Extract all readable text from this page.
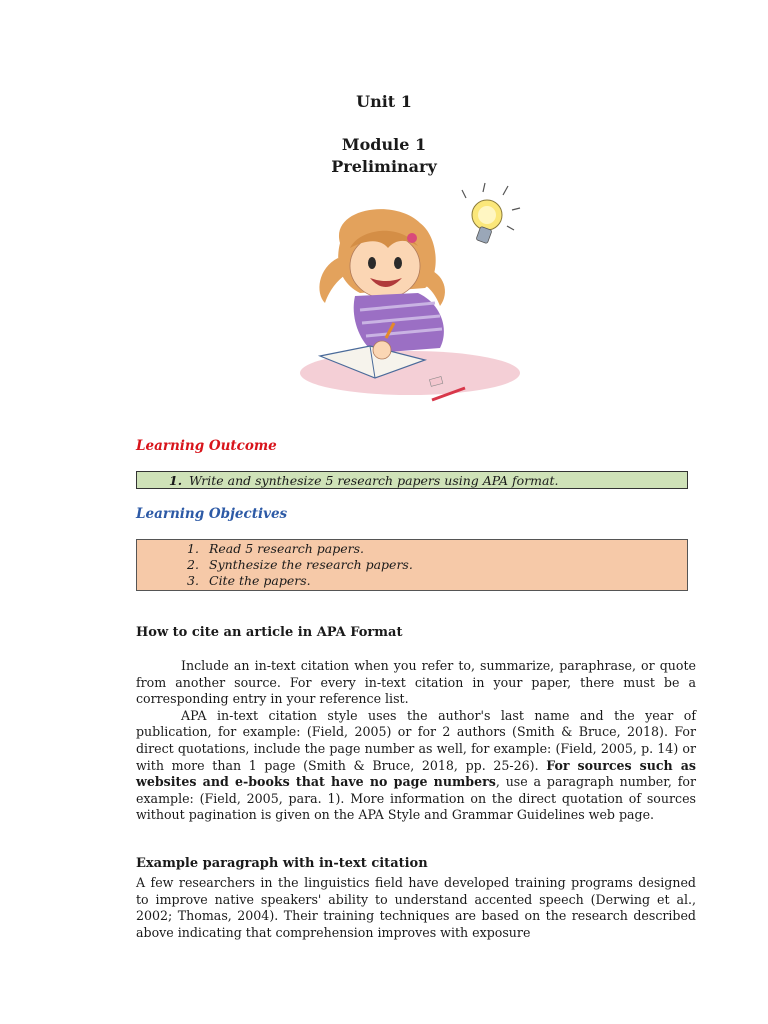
Unit 1
Module 1
Preliminary
Learning Outcome
1. Write and synthesize 5 research papers using APA format.
Learning Objectives
1. Read 5 research papers.
2. Synthesize the research papers.
3. Cite the papers.
How to cite an article in APA Format

Include an in-text citation when you refer to, summarize, paraphrase, or quote from another source. For every in-text citation in your paper, there must be a corresponding entry in your reference list.

APA in-text citation style uses the author's last name and the year of publication, for example: (Field, 2005) or for 2 authors (Smith & Bruce, 2018). For direct quotations, include the page number as well, for example: (Field, 2005, p. 14) or with more than 1 page (Smith & Bruce, 2018, pp. 25-26). For sources such as websites and e-books that have no page numbers, use a paragraph number, for example: (Field, 2005, para. 1). More information on the direct quotation of sources without pagination is given on the APA Style and Grammar Guidelines web page.

Example paragraph with in-text citation

A few researchers in the linguistics field have developed training programs designed to improve native speakers' ability to understand accented speech (Derwing et al., 2002; Thomas, 2004). Their training techniques are based on the research described above indicating that comprehension improves with exposure
